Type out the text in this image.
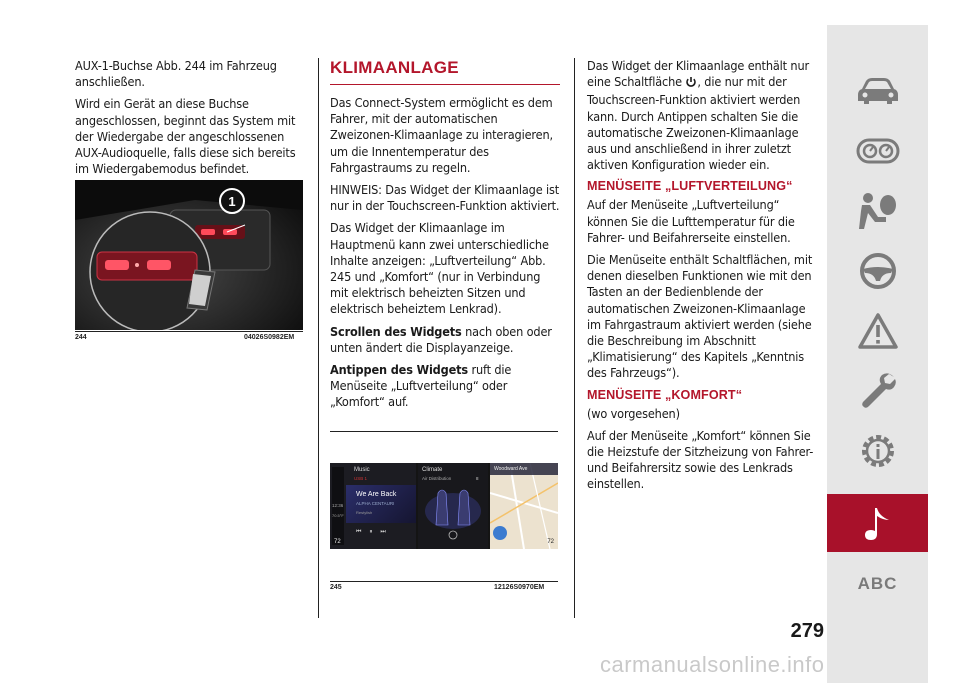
AUX-1-Buchse Abb. 244 im Fahrzeug anschließen.

Wird ein Gerät an diese Buchse angeschlossen, beginnt das System mit der Wiedergabe der angeschlossenen AUX-Audioquelle, falls diese sich bereits im Wiedergabemodus befindet.

1
244	04026S0982EM
KLIMAANLAGE

Das Connect-System ermöglicht es dem Fahrer, mit der automatischen Zweizonen-Klimaanlage zu interagieren, um die Innentemperatur des Fahrgastraums zu regeln.

HINWEIS: Das Widget der Klimaanlage ist nur in der Touchscreen-Funktion aktiviert.

Das Widget der Klimaanlage im Hauptmenü kann zwei unterschiedliche Inhalte anzeigen: „Luftverteilung“ Abb. 245 und „Komfort“ (nur in Verbindung mit elektrisch beheizten Sitzen und elektrisch beheiztem Lenkrad).

Scrollen des Widgets nach oben oder unten ändert die Displayanzeige.

Antippen des Widgets ruft die Menüseite „Luftverteilung“ oder „Komfort“ auf.

Music
USB 1
12:36
70.5°F
We Are Back
ALPHA CENTAURI
Restylish
⏮⏸⏭
72
Climate
Air Distribution	8
Woodward Ave
72
245	12126S0970EM

Das Widget der Klimaanlage enthält nur eine Schaltfläche , die nur mit der Touchscreen-Funktion aktiviert werden kann. Durch Antippen schalten Sie die automatische Zweizonen-Klimaanlage aus und anschließend in ihrer zuletzt aktiven Konfiguration wieder ein.

MENÜSEITE „LUFTVERTEILUNG“

Auf der Menüseite „Luftverteilung“ können Sie die Lufttemperatur für die Fahrer- und Beifahrerseite einstellen.

Die Menüseite enthält Schaltflächen, mit denen dieselben Funktionen wie mit den Tasten an der Bedienblende der automatischen Zweizonen-Klimaanlage im Fahrgastraum aktiviert werden (siehe die Beschreibung im Abschnitt „Klimatisierung“ des Kapitels „Kenntnis des Fahrzeugs“).

MENÜSEITE „KOMFORT“

(wo vorgesehen)

Auf der Menüseite „Komfort“ können Sie die Heizstufe der Sitzheizung von Fahrer- und Beifahrersitz sowie des Lenkrads einstellen.

ABC
279
carmanualsonline.info
